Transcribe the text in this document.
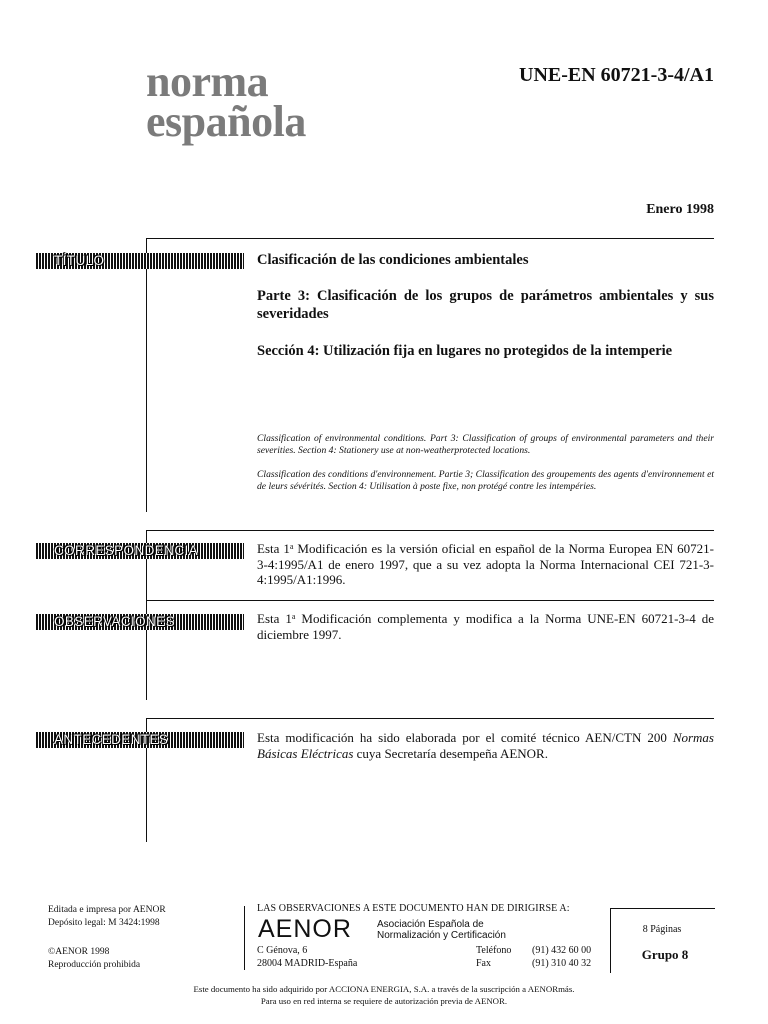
norma
española
UNE-EN 60721-3-4/A1
Enero 1998
TÍTULO	Clasificación de las condiciones ambientales
Parte 3: Clasificación de los grupos de parámetros ambientales y sus severidades
Sección 4: Utilización fija en lugares no protegidos de la intemperie
Classification of environmental conditions. Part 3: Classification of groups of environmental parameters and their severities. Section 4: Stationery use at non-weatherprotected locations.
Classification des conditions d'environnement. Partie 3; Classification des groupements des agents d'environnement et de leurs sévérités. Section 4: Utilisation à poste fixe, non protégé contre les intempéries.
CORRESPONDENCIA	Esta 1$^a$ Modificación es la versión oficial en español de la Norma Europea EN 60721-3-4:1995/A1 de enero 1997, que a su vez adopta la Norma Internacional CEI 721-3-4:1995/A1:1996.
OBSERVACIONES	Esta 1$^a$ Modificación complementa y modifica a la Norma UNE-EN 60721-3-4 de diciembre 1997.
ANTECEDENTES	Esta modificación ha sido elaborada por el comité técnico AEN/CTN 200 Normas Básicas Eléctricas cuya Secretaría desempeña AENOR.
Editada e impresa por AENOR
Depósito legal: M 3424:1998
©AENOR 1998
Reproducción prohibida
LAS OBSERVACIONES A ESTE DOCUMENTO HAN DE DIRIGIRSE A:
AENOR	Asociación Española de
Normalización y Certificación
C Génova, 6
28004 MADRID-España
Teléfono (91) 432 60 00
Fax	(91) 310 40 32
8 Páginas
Grupo 8
Este documento ha sido adquirido por ACCIONA ENERGIA, S.A. a través de la suscripción a AENORmás.
Para uso en red interna se requiere de autorización previa de AENOR.
